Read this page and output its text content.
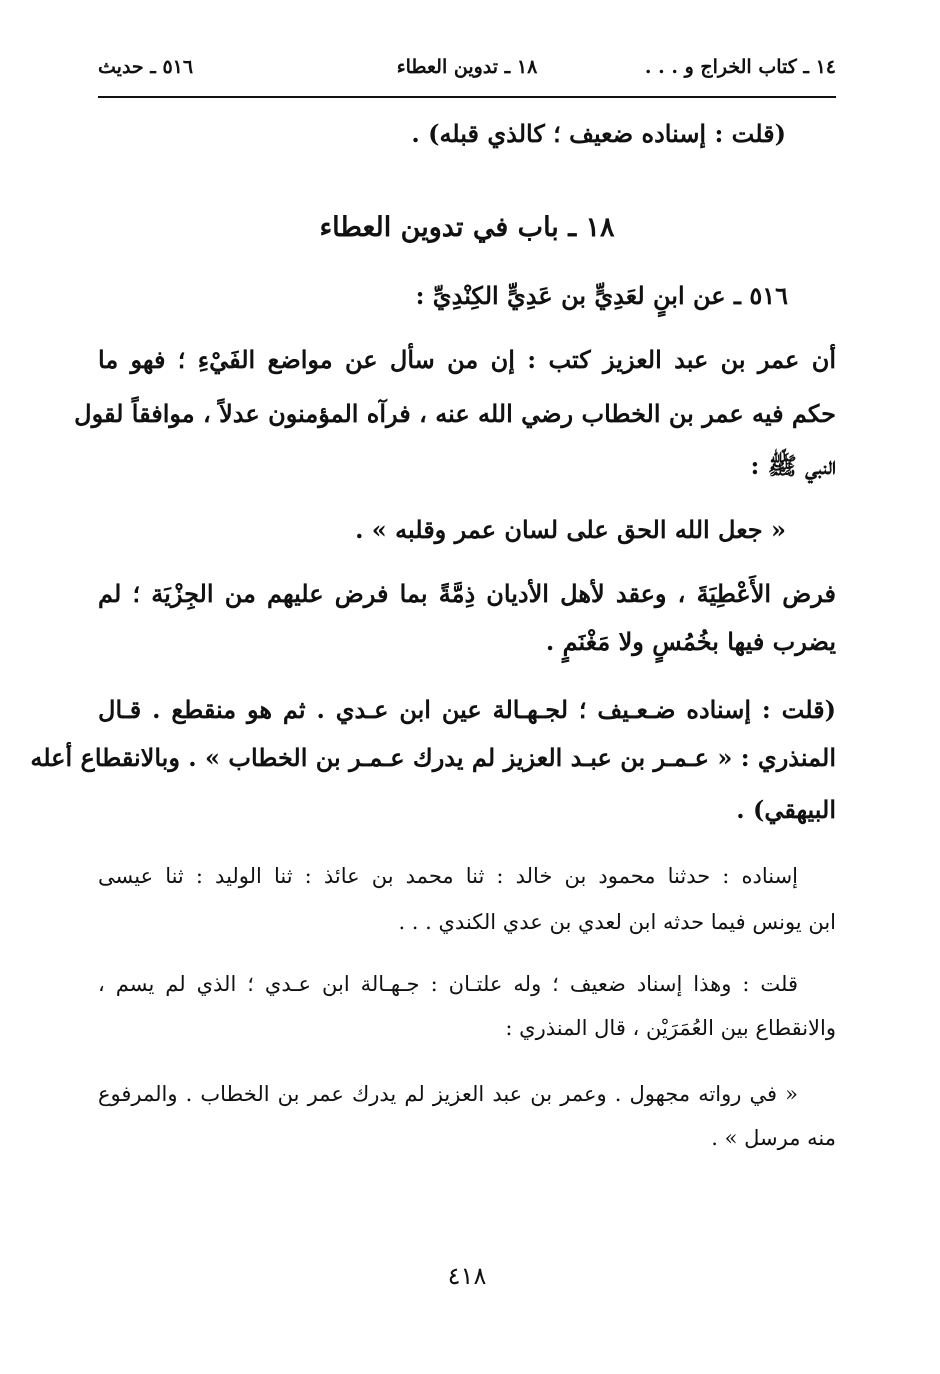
١٤ ـ كتاب الخراج و . . .
١٨ ـ تدوين العطاء
٥١٦ ـ حديث
(قلت : إسناده ضعيف ؛ كالذي قبله) .
١٨ ـ باب في تدوين العطاء
٥١٦ ـ عن ابنٍ لعَدِيٍّ بن عَدِيٍّ الكِنْدِيِّ :
أن عمر بن عبد العزيز كتب : إن من سأل عن مواضع الفَيْءِ ؛ فهو ما
حكم فيه عمر بن الخطاب رضي الله عنه ، فرآه المؤمنون عدلاً ، موافقاً لقول
النبي ﷺ :
« جعل الله الحق على لسان عمر وقلبه » .
فرض الأَعْطِيَةَ ، وعقد لأهل الأديان ذِمَّةً بما فرض عليهم من الجِزْيَة ؛ لم
يضرب فيها بخُمُسٍ ولا مَغْنَمٍ .
(قلت : إسناده ضـعـيف ؛ لجـهـالة عين ابن عـدي . ثم هو منقطع . قـال
المنذري : « عـمـر بن عبـد العزيز لم يدرك عـمـر بن الخطاب » . وبالانقطاع أعله
البيهقي) .
إسناده : حدثنا محمود بن خالد : ثنا محمد بن عائذ : ثنا الوليد : ثنا عيسى
ابن يونس فيما حدثه ابن لعدي بن عدي الكندي . . .
قلت : وهذا إسناد ضعيف ؛ وله علتـان : جـهـالة ابن عـدي ؛ الذي لم يسم ،
والانقطاع بين العُمَرَيْن ، قال المنذري :
« في رواته مجهول . وعمر بن عبد العزيز لم يدرك عمر بن الخطاب . والمرفوع
منه مرسل » .
٤١٨
